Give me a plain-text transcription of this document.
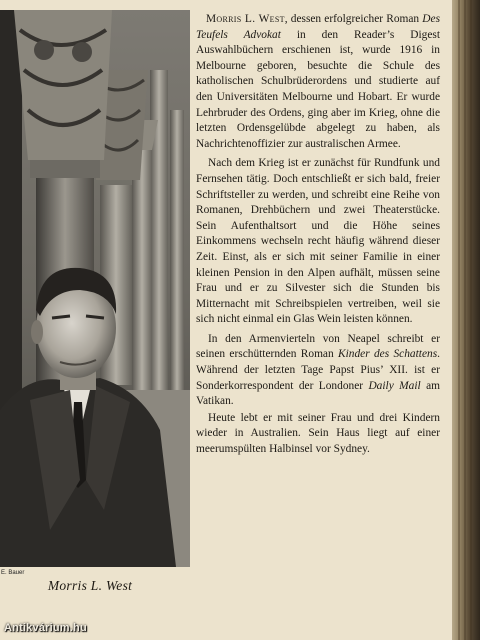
E. Bauer
Morris L. West

Morris L. West, dessen erfolgreicher Roman Des Teufels Advokat in den Reader’s Digest Auswahlbüchern erschienen ist, wurde 1916 in Melbourne geboren, besuchte die Schule des katholischen Schulbrüderordens und studierte auf den Universitäten Melbourne und Hobart. Er wurde Lehrbruder des Ordens, ging aber im Krieg, ohne die letzten Ordensgelübde abgelegt zu haben, als Nachrichtenoffizier zur australischen Armee.

Nach dem Krieg ist er zunächst für Rundfunk und Fernsehen tätig. Doch entschließt er sich bald, freier Schriftsteller zu werden, und schreibt eine Reihe von Romanen, Drehbüchern und zwei Theaterstücke. Sein Aufenthaltsort und die Höhe seines Einkommens wechseln recht häufig während dieser Zeit. Einst, als er sich mit seiner Familie in einer kleinen Pension in den Alpen aufhält, müssen seine Frau und er zu Silvester sich die Stunden bis Mitternacht mit Schreibspielen vertreiben, weil sie sich nicht einmal ein Glas Wein leisten können.

In den Armenvierteln von Neapel schreibt er seinen erschütternden Roman Kinder des Schattens. Während der letzten Tage Papst Pius’ XII. ist er Sonderkorrespondent der Londoner Daily Mail am Vatikan.

Heute lebt er mit seiner Frau und drei Kindern wieder in Australien. Sein Haus liegt auf einer meerumspülten Halbinsel vor Sydney.

Antikvárium.hu
